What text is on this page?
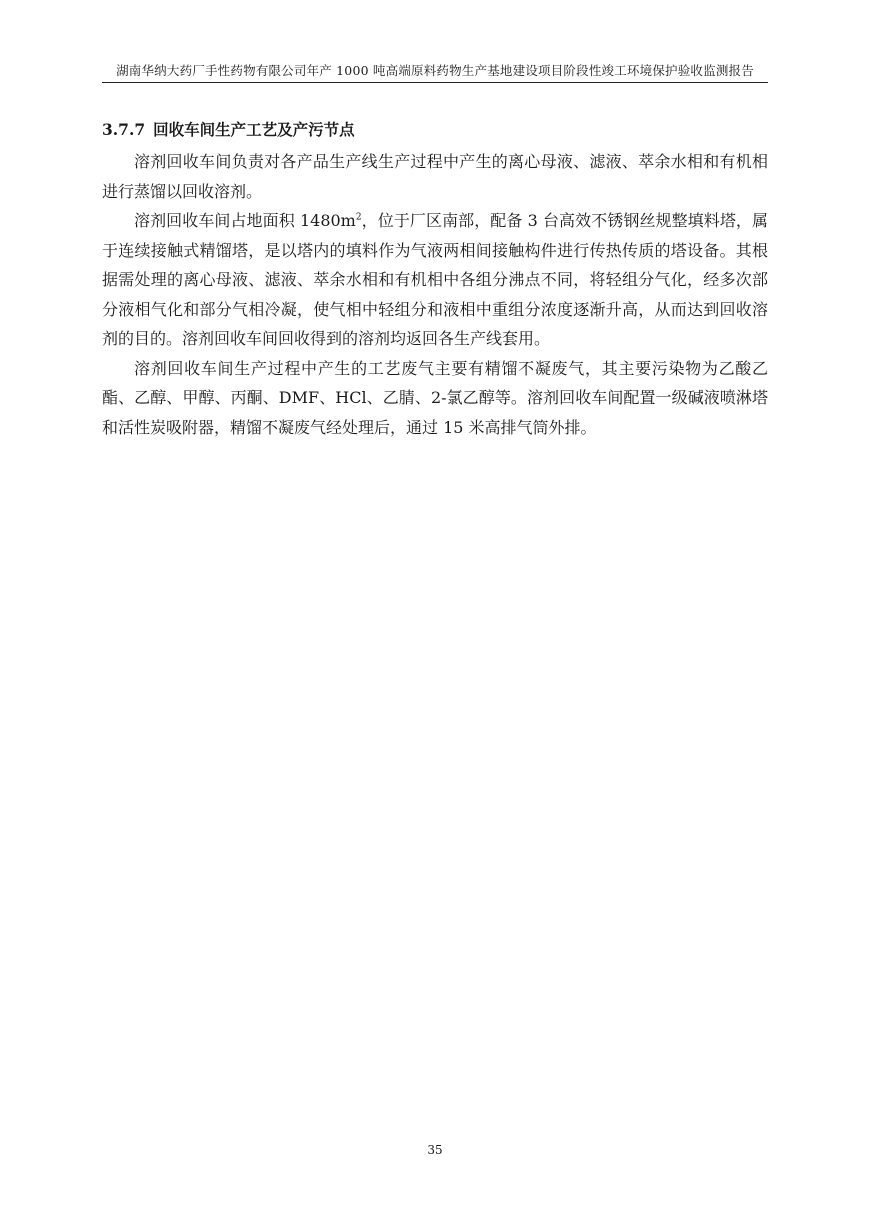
湖南华纳大药厂手性药物有限公司年产 1000 吨高端原料药物生产基地建设项目阶段性竣工环境保护验收监测报告
3.7.7 回收车间生产工艺及产污节点

溶剂回收车间负责对各产品生产线生产过程中产生的离心母液、滤液、萃余水相和有机相进行蒸馏以回收溶剂。

溶剂回收车间占地面积 $1480m^2$，位于厂区南部，配备 3 台高效不锈钢丝规整填料塔，属于连续接触式精馏塔，是以塔内的填料作为气液两相间接触构件进行传热传质的塔设备。其根据需处理的离心母液、滤液、萃余水相和有机相中各组分沸点不同，将轻组分气化，经多次部分液相气化和部分气相冷凝，使气相中轻组分和液相中重组分浓度逐渐升高，从而达到回收溶剂的目的。溶剂回收车间回收得到的溶剂均返回各生产线套用。

溶剂回收车间生产过程中产生的工艺废气主要有精馏不凝废气，其主要污染物为乙酸乙酯、乙醇、甲醇、丙酮、DMF、HCl、乙腈、2-氯乙醇等。溶剂回收车间配置一级碱液喷淋塔和活性炭吸附器，精馏不凝废气经处理后，通过 15 米高排气筒外排。

35
